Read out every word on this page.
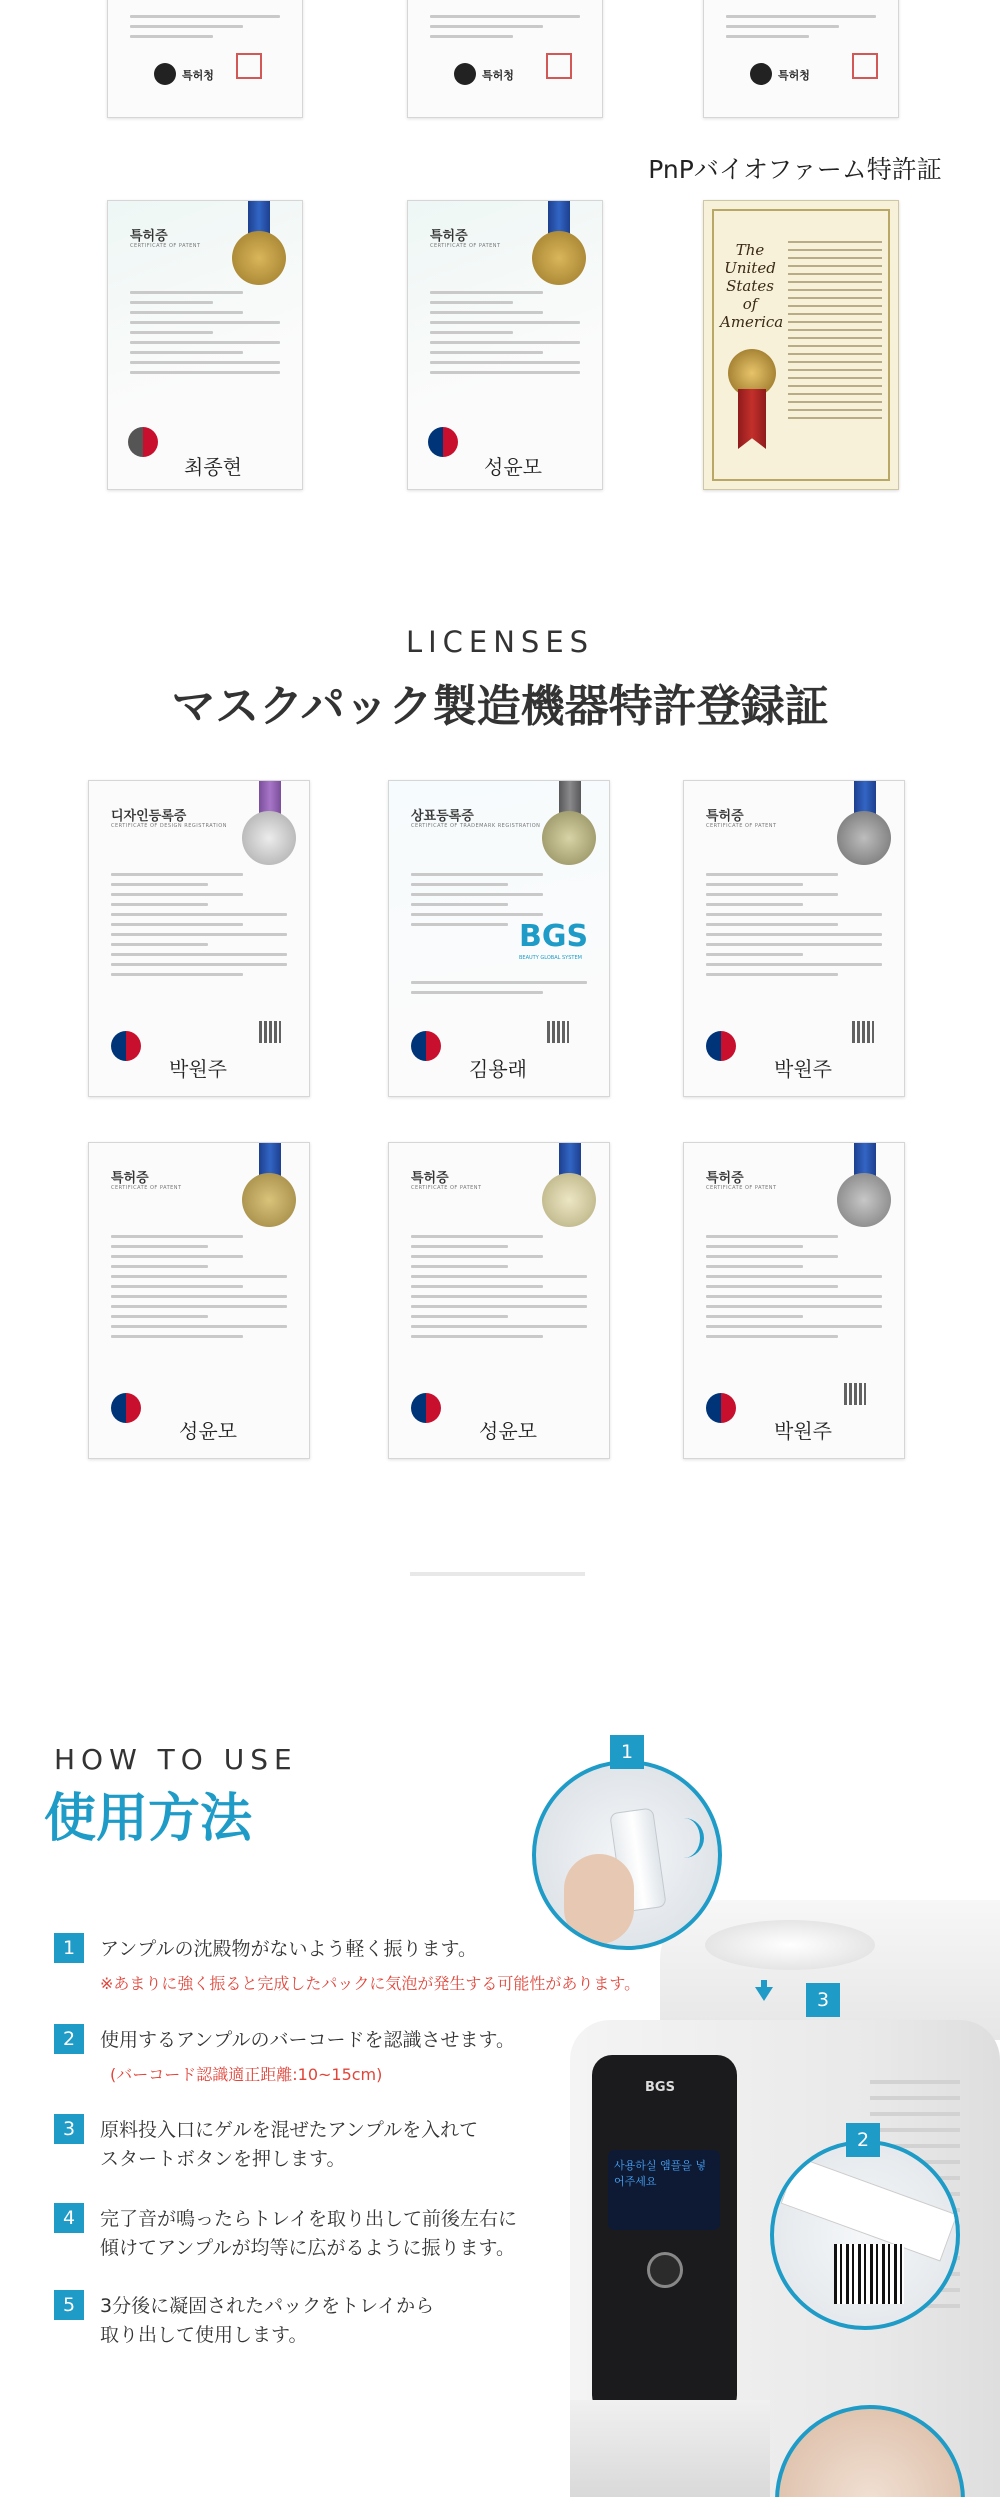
특허청	특허청	특허청
PnPバイオファーム特許証
특허증
CERTIFICATE OF PATENT
최종현
특허증
CERTIFICATE OF PATENT
성윤모
The United States of America
LICENSES
マスクパック製造機器特許登録証
디자인등록증
CERTIFICATE OF DESIGN REGISTRATION
박원주
상표등록증
CERTIFICATE OF TRADEMARK REGISTRATION
BGS
BEAUTY GLOBAL SYSTEM
김용래
특허증
CERTIFICATE OF PATENT
박원주
특허증
CERTIFICATE OF PATENT
성윤모
특허증
CERTIFICATE OF PATENT
성윤모
특허증
CERTIFICATE OF PATENT
박원주
BGS
사용하실 앰플을 넣어주세요
HOW TO USE
使用方法
1
2
3
1	アンプルの沈殿物がないよう軽く振ります。
※あまりに強く振ると完成したパックに気泡が発生する可能性があります。
2	使用するアンプルのバーコードを認識させます。
(バーコード認識適正距離:10~15cm)
3	原料投入口にゲルを混ぜたアンプルを入れて
スタートボタンを押します。
4	完了音が鳴ったらトレイを取り出して前後左右に
傾けてアンプルが均等に広がるように振ります。
5	3分後に凝固されたパックをトレイから
取り出して使用します。
